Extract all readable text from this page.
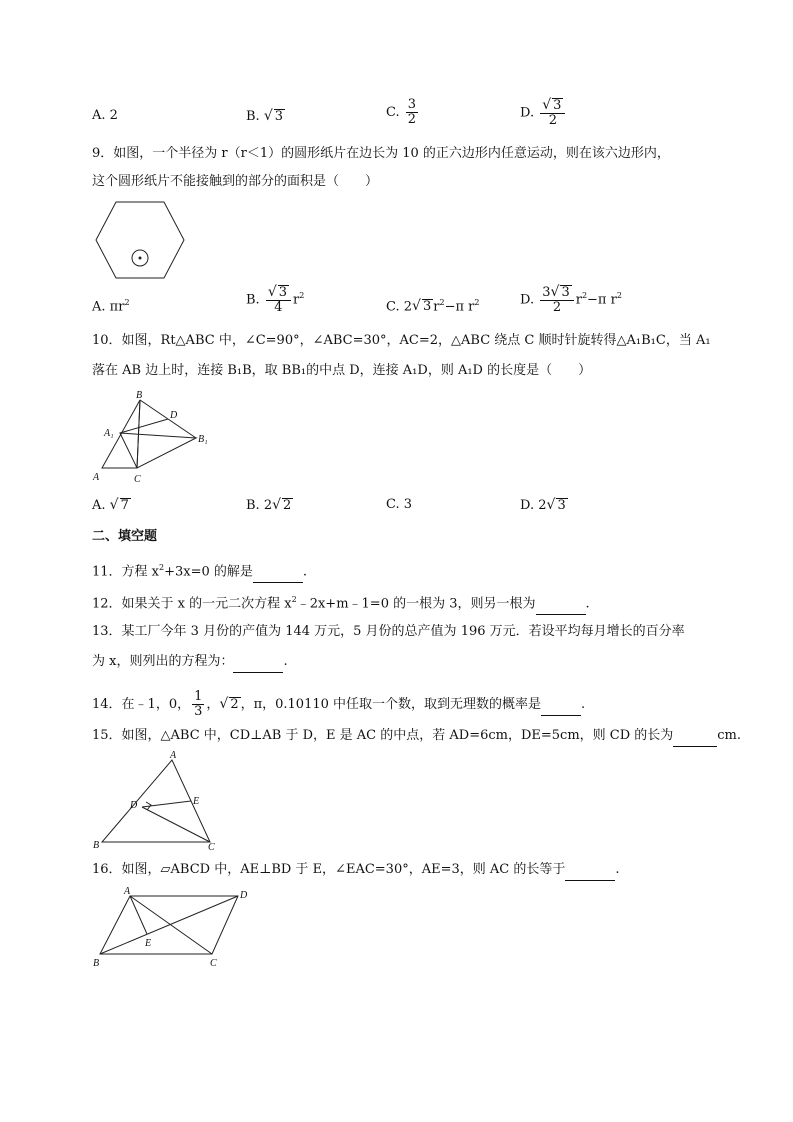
A. 2	B. √ 3	C. $\frac{3}{2}$	D. $\frac{√ 3}{2}$
9．如图，一个半径为 r（r＜1）的圆形纸片在边长为 10 的正六边形内任意运动，则在该六边形内，
这个圆形纸片不能接触到的部分的面积是（　　）
A. $\pi r^2$	B. $\frac{√ 3}{4} r^2$
C. 2√ 3 $r^2-\pi$ $r^2$	D. $\frac{3√ 3}{2} r^2-\pi$ $r^2$
10．如图，Rt△ABC 中，∠C=90°，∠ABC=30°，AC=2，△ABC 绕点 C 顺时针旋转得△A₁B₁C，当 A₁
落在 AB 边上时，连接 B₁B，取 BB₁的中点 D，连接 A₁D，则 A₁D 的长度是（　　）
B
D
A₁
B₁
A	C
A. √ 7	B. 2√ 2	C. 3	D. 2√ 3
二、填空题
11．方程 $x^2+3x=0$ 的解是	.
12．如果关于 x 的一元二次方程 $x^2﹣2x+m﹣1=0$ 的一根为 3，则另一根为	.
13．某工厂今年 3 月份的产值为 144 万元，5 月份的总产值为 196 万元．若设平均每月增长的百分率
为 x，则列出的方程为：	.
14．在﹣1，0， $\frac{1}{3}$ ，√ 2 ，π，0.10110 中任取一个数，取到无理数的概率是	.
15．如图，△ABC 中，CD⊥AB 于 D，E 是 AC 的中点，若 AD=6cm，DE=5cm，则 CD 的长为	cm.
A
D	E
B	C
16．如图，▱ABCD 中，AE⊥BD 于 E，∠EAC=30°，AE=3，则 AC 的长等于	.
A	D
E
B	C
